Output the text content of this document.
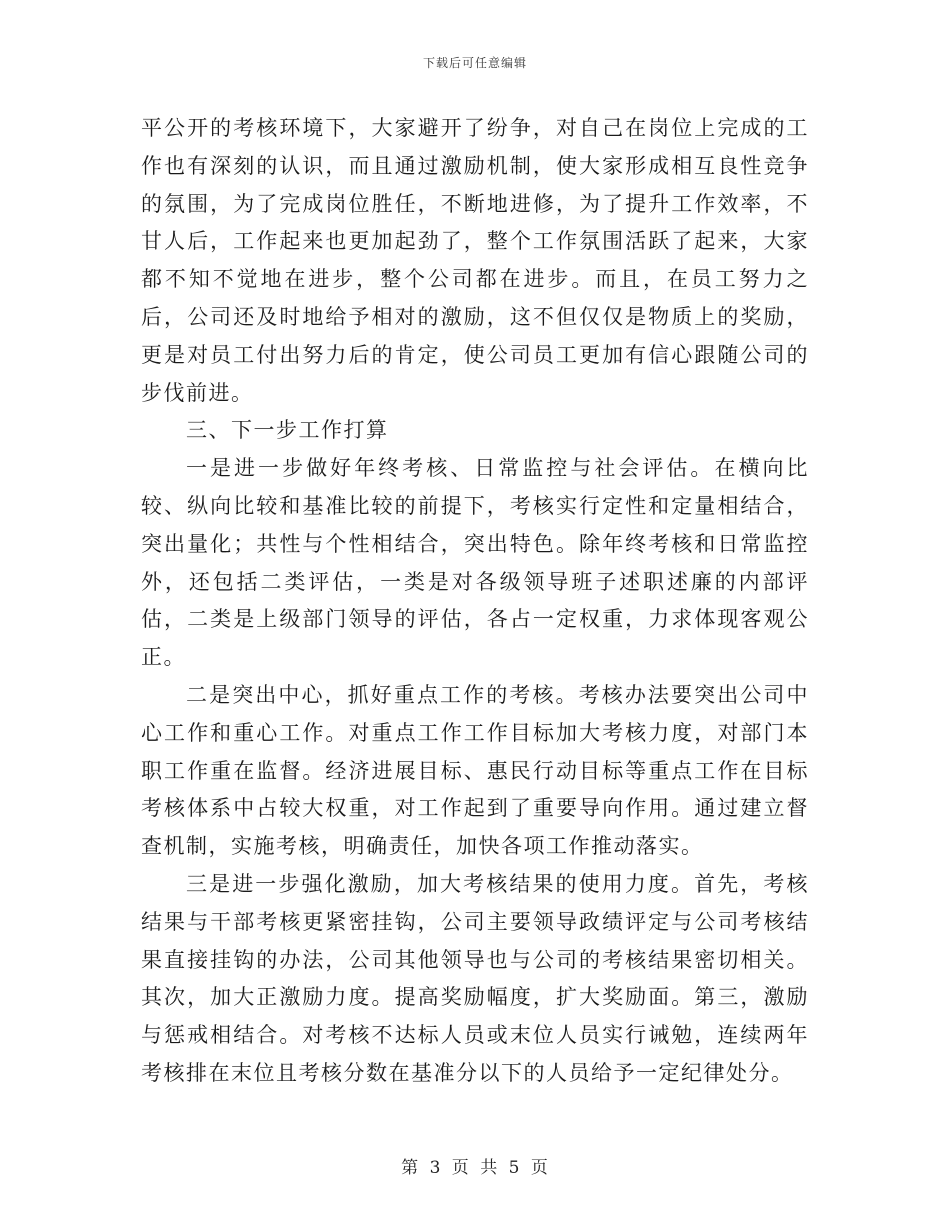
下载后可任意编辑

平公开的考核环境下，大家避开了纷争，对自己在岗位上完成的工作也有深刻的认识，而且通过激励机制，使大家形成相互良性竞争的氛围，为了完成岗位胜任，不断地进修，为了提升工作效率，不甘人后，工作起来也更加起劲了，整个工作氛围活跃了起来，大家都不知不觉地在进步，整个公司都在进步。而且，在员工努力之后，公司还及时地给予相对的激励，这不但仅仅是物质上的奖励，更是对员工付出努力后的肯定，使公司员工更加有信心跟随公司的步伐前进。

三、下一步工作打算

一是进一步做好年终考核、日常监控与社会评估。在横向比较、纵向比较和基准比较的前提下，考核实行定性和定量相结合，突出量化；共性与个性相结合，突出特色。除年终考核和日常监控外，还包括二类评估，一类是对各级领导班子述职述廉的内部评估，二类是上级部门领导的评估，各占一定权重，力求体现客观公正。

二是突出中心，抓好重点工作的考核。考核办法要突出公司中心工作和重心工作。对重点工作工作目标加大考核力度，对部门本职工作重在监督。经济进展目标、惠民行动目标等重点工作在目标考核体系中占较大权重，对工作起到了重要导向作用。通过建立督查机制，实施考核，明确责任，加快各项工作推动落实。

三是进一步强化激励，加大考核结果的使用力度。首先，考核结果与干部考核更紧密挂钩，公司主要领导政绩评定与公司考核结果直接挂钩的办法，公司其他领导也与公司的考核结果密切相关。其次，加大正激励力度。提高奖励幅度，扩大奖励面。第三，激励与惩戒相结合。对考核不达标人员或末位人员实行诫勉，连续两年考核排在末位且考核分数在基准分以下的人员给予一定纪律处分。

第 3 页 共 5 页
